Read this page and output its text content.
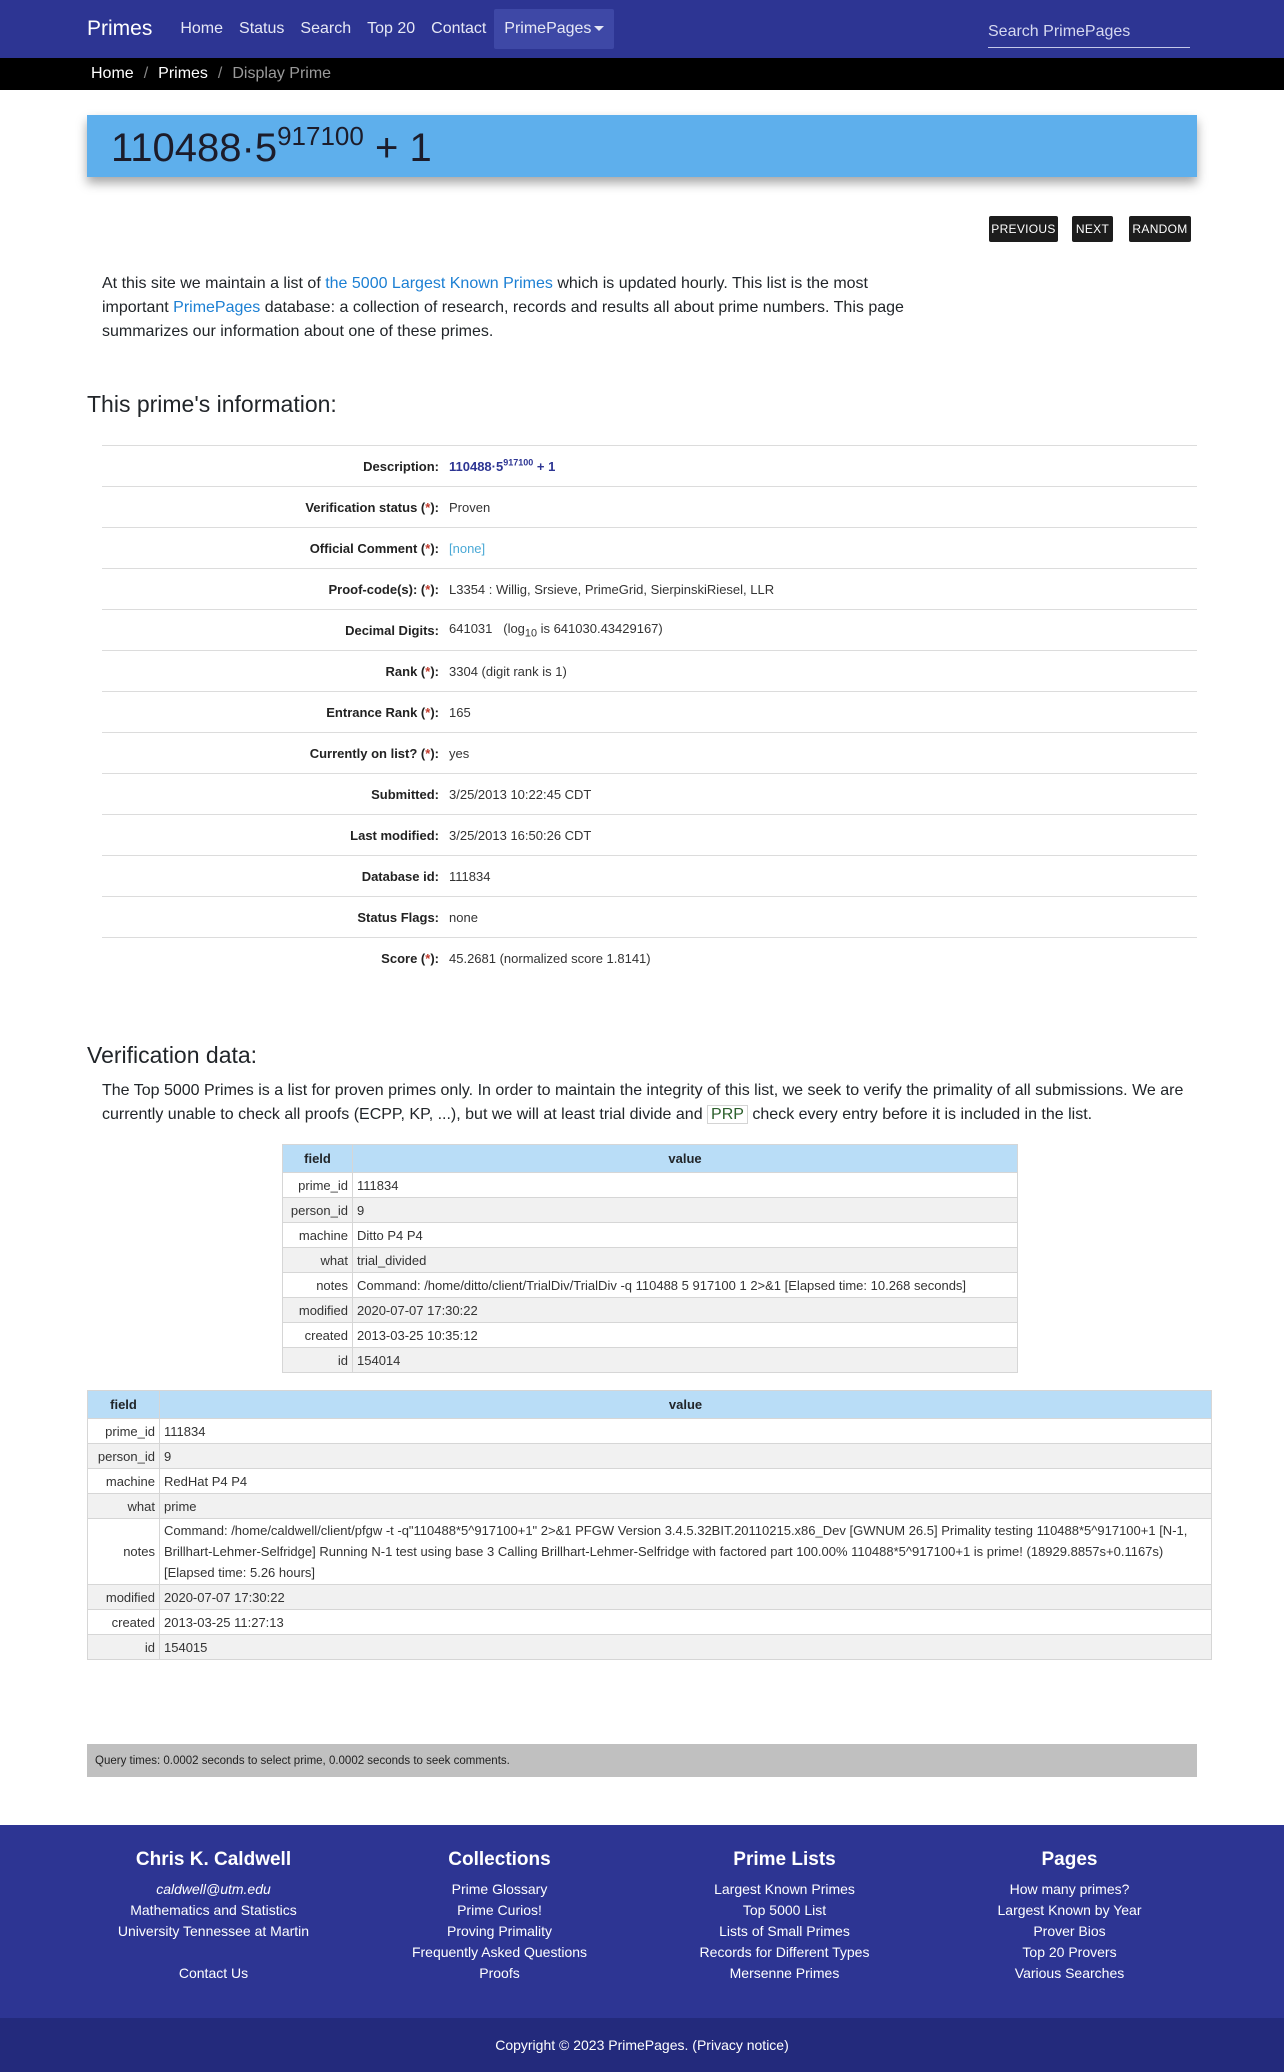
Primes	Home	Status	Search	Top 20	Contact	PrimePages
Search PrimePages
Home / Primes / Display Prime
$110488\cdot 5^{917100} + 1$
PREVIOUS	NEXT	RANDOM
At this site we maintain a list of the 5000 Largest Known Primes which is updated hourly. This list is the most important PrimePages database: a collection of research, records and results all about prime numbers. This page summarizes our information about one of these primes.
This prime's information:
Description: $110488\cdot 5^{917100} + 1$
Verification status (*): Proven
Official Comment (*): [none]
Proof-code(s): (*): L3354 : Willig, Srsieve, PrimeGrid, SierpinskiRiesel, LLR
Decimal Digits: 641031 ($\log_{10}$ is 641030.43429167)
Rank (*): 3304 (digit rank is 1)
Entrance Rank (*): 165
Currently on list? (*): yes
Submitted: 3/25/2013 10:22:45 CDT
Last modified: 3/25/2013 16:50:26 CDT
Database id: 111834
Status Flags: none
Score (*): 45.2681 (normalized score 1.8141)
Verification data:
The Top 5000 Primes is a list for proven primes only. In order to maintain the integrity of this list, we seek to verify the primality of all submissions. We are currently unable to check all proofs (ECPP, KP, ...), but we will at least trial divide and PRP check every entry before it is included in the list.
field	value
prime_id	111834
person_id	9
machine	Ditto P4 P4
what	trial_divided
notes	Command: /home/ditto/client/TrialDiv/TrialDiv -q 110488 5 917100 1 2>&1 [Elapsed time: 10.268 seconds]
modified	2020-07-07 17:30:22
created	2013-03-25 10:35:12
id	154014
field	value
prime_id	111834
person_id	9
machine	RedHat P4 P4
what	prime
notes	Command: /home/caldwell/client/pfgw -t -q"110488*5^917100+1" 2>&1 PFGW Version 3.4.5.32BIT.20110215.x86_Dev [GWNUM 26.5] Primality testing 110488*5^917100+1 [N-1, Brillhart-Lehmer-Selfridge] Running N-1 test using base 3 Calling Brillhart-Lehmer-Selfridge with factored part 100.00% 110488*5^917100+1 is prime! (18929.8857s+0.1167s) [Elapsed time: 5.26 hours]
modified	2020-07-07 17:30:22
created	2013-03-25 11:27:13
id	154015
Query times: 0.0002 seconds to select prime, 0.0002 seconds to seek comments.
Chris K. Caldwell
caldwell@utm.edu
Mathematics and Statistics
University Tennessee at Martin

Contact Us
Collections
Prime Glossary
Prime Curios!
Proving Primality
Frequently Asked Questions
Proofs
Prime Lists
Largest Known Primes
Top 5000 List
Lists of Small Primes
Records for Different Types
Mersenne Primes
Pages
How many primes?
Largest Known by Year
Prover Bios
Top 20 Provers
Various Searches
Copyright © 2023 PrimePages. ( Privacy notice )
